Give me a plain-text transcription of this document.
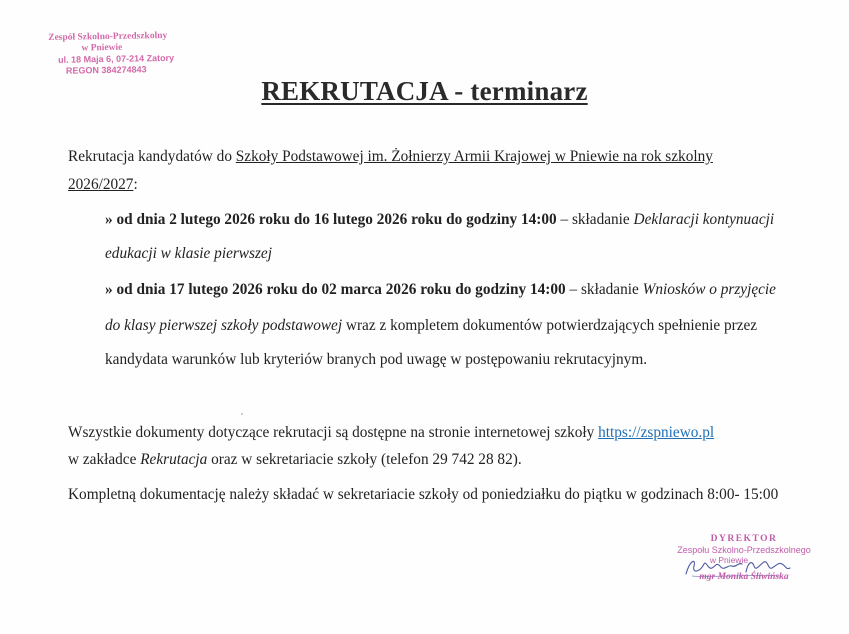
Zespół Szkolno-Przedszkolny
w Pniewie
ul. 18 Maja 6, 07-214 Zatory
REGON 384274843
REKRUTACJA - terminarz
Rekrutacja kandydatów do Szkoły Podstawowej im. Żołnierzy Armii Krajowej w Pniewie na rok szkolny
2026/2027:
» od dnia 2 lutego 2026 roku do 16 lutego 2026 roku do godziny 14:00 – składanie Deklaracji kontynuacji
edukacji w klasie pierwszej
» od dnia 17 lutego 2026 roku do 02 marca 2026 roku do godziny 14:00 – składanie Wniosków o przyjęcie
do klasy pierwszej szkoły podstawowej wraz z kompletem dokumentów potwierdzających spełnienie przez
kandydata warunków lub kryteriów branych pod uwagę w postępowaniu rekrutacyjnym.
Wszystkie dokumenty dotyczące rekrutacji są dostępne na stronie internetowej szkoły https://zspniewo.pl
w zakładce Rekrutacja oraz w sekretariacie szkoły (telefon 29 742 28 82).
Kompletną dokumentację należy składać w sekretariacie szkoły od poniedziałku do piątku w godzinach 8:00- 15:00
DYREKTOR
Zespołu Szkolno-Przedszkolnego
w Pniewie
mgr Monika Śliwińska
